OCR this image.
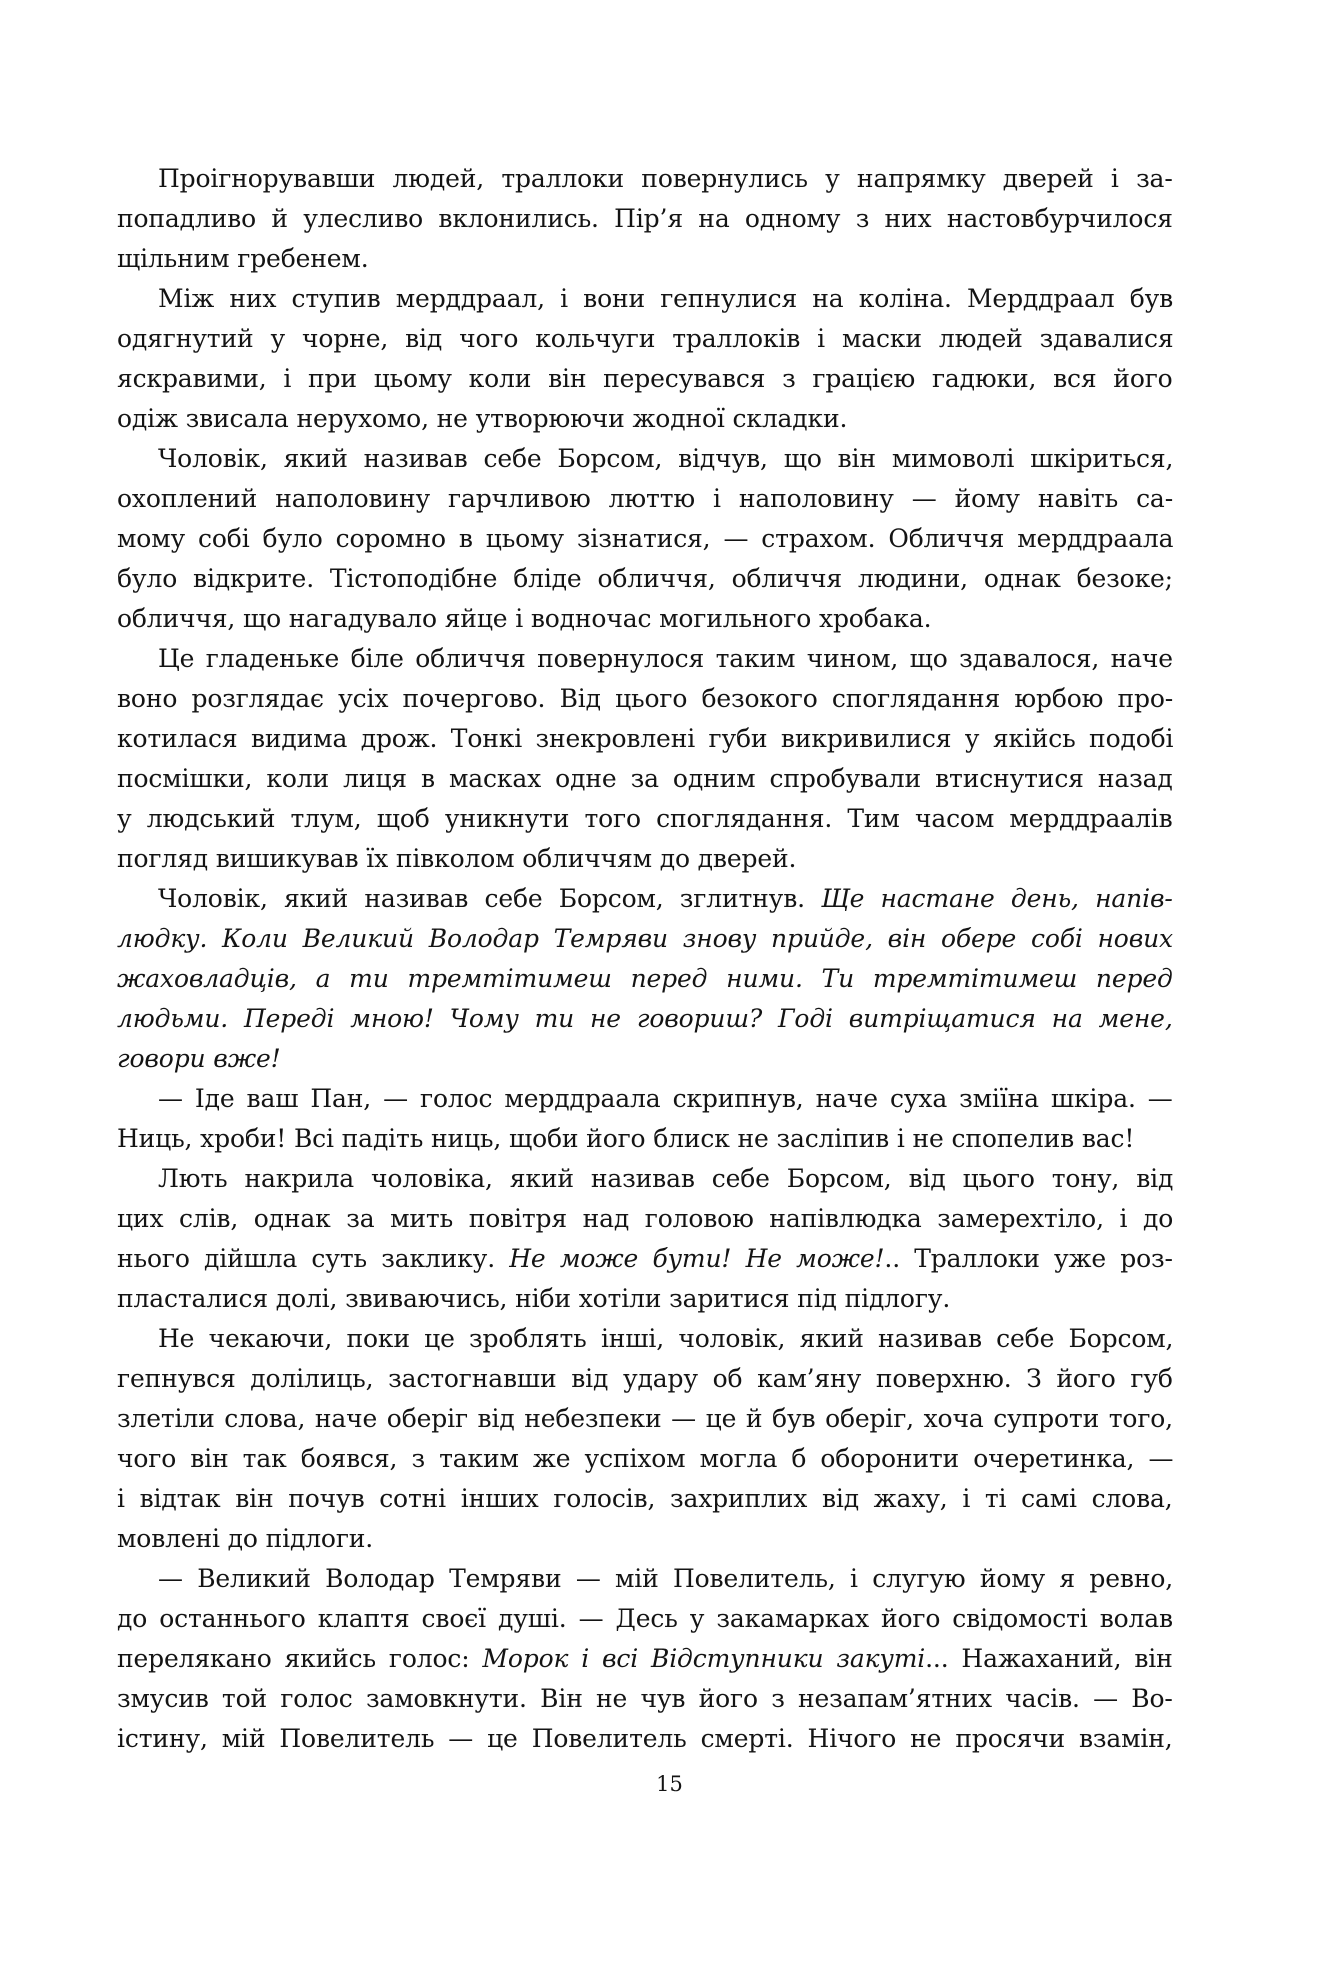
Проігнорувавши людей, траллоки повернулись у напрямку дверей і за-
попадливо й улесливо вклонились. Пір’я на одному з них настовбурчилося
щільним гребенем.
Між них ступив мерддраал, і вони гепнулися на коліна. Мерддраал був
одягнутий у чорне, від чого кольчуги траллоків і маски людей здавалися
яскравими, і при цьому коли він пересувався з грацією гадюки, вся його
одіж звисала нерухомо, не утворюючи жодної складки.
Чоловік, який називав себе Борсом, відчув, що він мимоволі шкіриться,
охоплений наполовину гарчливою люттю і наполовину — йому навіть са-
мому собі було соромно в цьому зізнатися, — страхом. Обличчя мерддраала
було відкрите. Тістоподібне бліде обличчя, обличчя людини, однак безоке;
обличчя, що нагадувало яйце і водночас могильного хробака.
Це гладеньке біле обличчя повернулося таким чином, що здавалося, наче
воно розглядає усіх почергово. Від цього безокого споглядання юрбою про-
котилася видима дрож. Тонкі знекровлені губи викривилися у якійсь подобі
посмішки, коли лиця в масках одне за одним спробували втиснутися назад
у людський тлум, щоб уникнути того споглядання. Тим часом мерддраалів
погляд вишикував їх півколом обличчям до дверей.
Чоловік, який називав себе Борсом, зглитнув. Ще настане день, напів-
людку. Коли Великий Володар Темряви знову прийде, він обере собі нових
жаховладців, а ти тремтітимеш перед ними. Ти тремтітимеш перед
людьми. Переді мною! Чому ти не говориш? Годі витріщатися на мене,
говори вже!
— Іде ваш Пан, — голос мерддраала скрипнув, наче суха зміїна шкіра. —
Ниць, хроби! Всі падіть ниць, щоби його блиск не засліпив і не спопелив вас!
Лють накрила чоловіка, який називав себе Борсом, від цього тону, від
цих слів, однак за мить повітря над головою напівлюдка замерехтіло, і до
нього дійшла суть заклику. Не може бути! Не може!.. Траллоки уже роз-
пласталися долі, звиваючись, ніби хотіли заритися під підлогу.
Не чекаючи, поки це зроблять інші, чоловік, який називав себе Борсом,
гепнувся долілиць, застогнавши від удару об кам’яну поверхню. З його губ
злетіли слова, наче оберіг від небезпеки — це й був оберіг, хоча супроти того,
чого він так боявся, з таким же успіхом могла б оборонити очеретинка, —
і відтак він почув сотні інших голосів, захриплих від жаху, і ті самі слова,
мовлені до підлоги.
— Великий Володар Темряви — мій Повелитель, і слугую йому я ревно,
до останнього клаптя своєї душі. — Десь у закамарках його свідомості волав
перелякано якийсь голос: Морок і всі Відступники закуті... Нажаханий, він
змусив той голос замовкнути. Він не чув його з незапам’ятних часів. — Во-
істину, мій Повелитель — це Повелитель смерті. Нічого не просячи взамін,
15
